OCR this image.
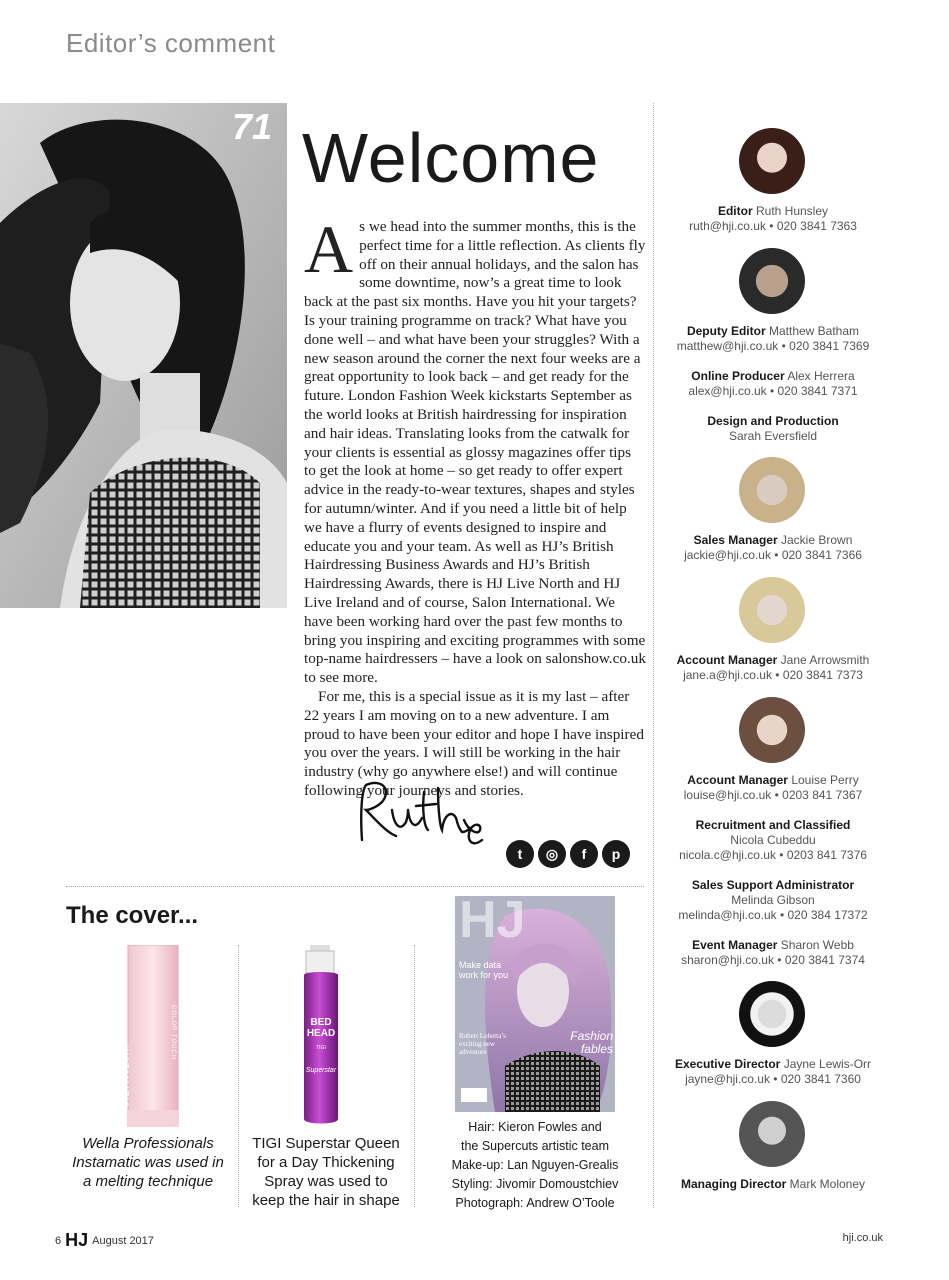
Editor’s comment
71 Welcome

As we head into the summer months, this is the perfect time for a little reflection. As clients fly off on their annual holidays, and the salon has some downtime, now’s a great time to look back at the past six months. Have you hit your targets? Is your training programme on track? What have you done well – and what have been your struggles? With a new season around the corner the next four weeks are a great opportunity to look back – and get ready for the future. London Fashion Week kickstarts September as the world looks at British hairdressing for inspiration and hair ideas. Translating looks from the catwalk for your clients is essential as glossy magazines offer tips to get the look at home – so get ready to offer expert advice in the ready-to-wear textures, shapes and styles for autumn/winter. And if you need a little bit of help we have a flurry of events designed to inspire and educate you and your team. As well as HJ’s British Hairdressing Business Awards and HJ’s British Hairdressing Awards, there is HJ Live North and HJ Live Ireland and of course, Salon International. We have been working hard over the past few months to bring you inspiring and exciting programmes with some top-name hairdressers – have a look on salonshow.co.uk to see more.

For me, this is a special issue as it is my last – after 22 years I am moving on to a new adventure. I am proud to have been your editor and hope I have inspired you over the years. I will still be working in the hair industry (why go anywhere else!) and will continue following your journeys and stories.

t	◎	f	p
The cover...
INSTAMATIC
COLOR TOUCH
Wella Professionals Instamatic was used in a melting technique
BED HEAD
TIGI
Superstar
TIGI Superstar Queen for a Day Thickening Spray was used to keep the hair in shape
HJ
Make data work for you
Fashion fables
Robert Lobetta’s exciting new adventure
Hair: Kieron Fowles and
the Supercuts artistic team
Make-up: Lan Nguyen-Grealis
Styling: Jivomir Domoustchiev
Photograph: Andrew O’Toole
Editor Ruth Hunsley
ruth@hji.co.uk • 020 3841 7363
Deputy Editor Matthew Batham
matthew@hji.co.uk • 020 3841 7369
Online Producer Alex Herrera
alex@hji.co.uk • 020 3841 7371
Design and Production
Sarah Eversfield
Sales Manager Jackie Brown
jackie@hji.co.uk • 020 3841 7366
Account Manager Jane Arrowsmith
jane.a@hji.co.uk • 020 3841 7373
Account Manager Louise Perry
louise@hji.co.uk • 0203 841 7367
Recruitment and Classified
Nicola Cubeddu
nicola.c@hji.co.uk • 0203 841 7376
Sales Support Administrator
Melinda Gibson
melinda@hji.co.uk • 020 384 17372
Event Manager Sharon Webb
sharon@hji.co.uk • 020 3841 7374
Executive Director Jayne Lewis-Orr
jayne@hji.co.uk • 020 3841 7360
Managing Director Mark Moloney
6 HJ August 2017	hji.co.uk
